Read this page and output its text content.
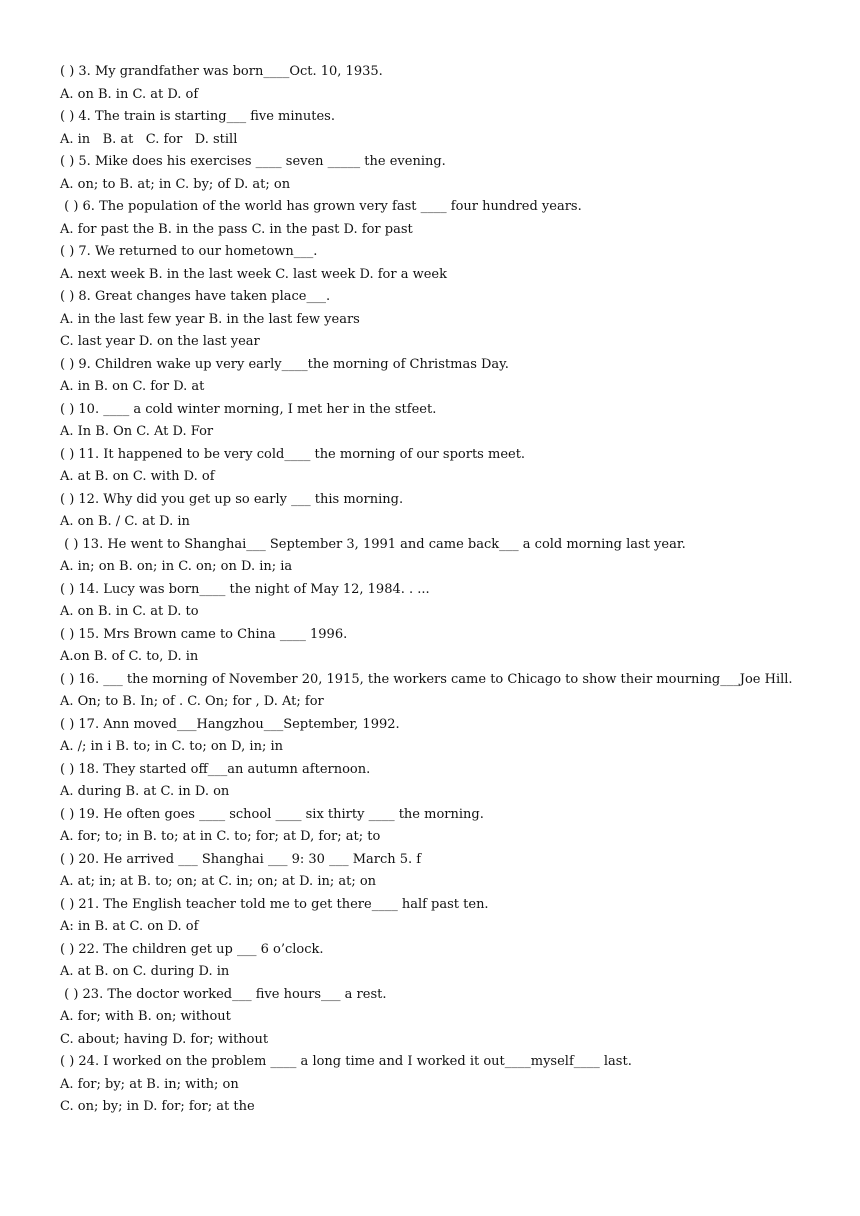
( ) 3. My grandfather was born____Oct. 10, 1935.
A. on B. in C. at D. of
( ) 4. The train is starting___ five minutes.
A. in   B. at   C. for   D. still
( ) 5. Mike does his exercises ____ seven _____ the evening.
A. on; to B. at; in C. by; of D. at; on
( ) 6. The population of the world has grown very fast ____ four hundred years.
A. for past the B. in the pass C. in the past D. for past
( ) 7. We returned to our hometown___.
A. next week B. in the last week C. last week D. for a week
( ) 8. Great changes have taken place___.
A. in the last few year B. in the last few years
C. last year D. on the last year
( ) 9. Children wake up very early____the morning of Christmas Day.
A. in B. on C. for D. at
( ) 10. ____ a cold winter morning, I met her in the stfeet.
A. In B. On C. At D. For
( ) 11. It happened to be very cold____ the morning of our sports meet.
A. at B. on C. with D. of
( ) 12. Why did you get up so early ___ this morning.
A. on B. / C. at D. in
( ) 13. He went to Shanghai___ September 3, 1991 and came back___ a cold morning last year.
A. in; on B. on; in C. on; on D. in; ia
( ) 14. Lucy was born____ the night of May 12, 1984. . ...
A. on B. in C. at D. to
( ) 15. Mrs Brown came to China ____ 1996.
A.on B. of C. to, D. in
( ) 16. ___ the morning of November 20, 1915, the workers came to Chicago to show their mourning___Joe Hill.
A. On; to B. In; of . C. On; for , D. At; for
( ) 17. Ann moved___Hangzhou___September, 1992.
A. /; in i B. to; in C. to; on D, in; in
( ) 18. They started off___an autumn afternoon.
A. during B. at C. in D. on
( ) 19. He often goes ____ school ____ six thirty ____ the morning.
A. for; to; in B. to; at in C. to; for; at D, for; at; to
( ) 20. He arrived ___ Shanghai ___ 9: 30 ___ March 5. f
A. at; in; at B. to; on; at C. in; on; at D. in; at; on
( ) 21. The English teacher told me to get there____ half past ten.
A: in B. at C. on D. of
( ) 22. The children get up ___ 6 o’clock.
A. at B. on C. during D. in
( ) 23. The doctor worked___ five hours___ a rest.
A. for; with B. on; without
C. about; having D. for; without
( ) 24. I worked on the problem ____ a long time and I worked it out____myself____ last.
A. for; by; at B. in; with; on
C. on; by; in D. for; for; at the
